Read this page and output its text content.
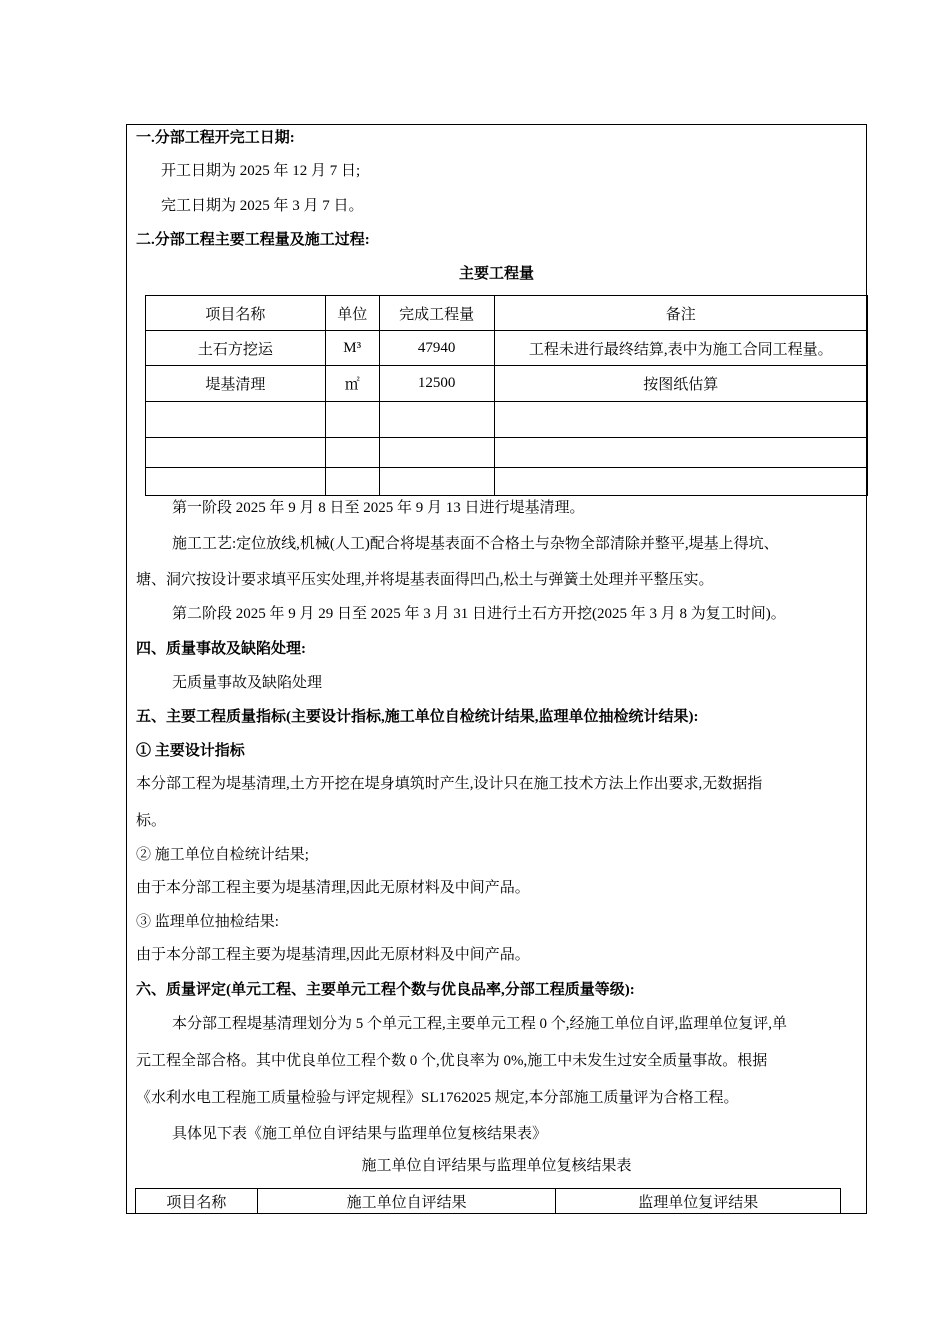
一.分部工程开完工日期:
开工日期为 2025 年 12 月 7 日;
完工日期为 2025 年 3 月 7 日。
二.分部工程主要工程量及施工过程:
主要工程量
项目名称	单位	完成工程量	备注
土石方挖运	M³	47940	工程未进行最终结算,表中为施工合同工程量。
堤基清理	㎡	12500	按图纸估算

第一阶段 2025 年 9 月 8 日至 2025 年 9 月 13 日进行堤基清理。
施工工艺:定位放线,机械(人工)配合将堤基表面不合格土与杂物全部清除并整平,堤基上得坑、
塘、洞穴按设计要求填平压实处理,并将堤基表面得凹凸,松土与弹簧土处理并平整压实。
第二阶段 2025 年 9 月 29 日至 2025 年 3 月 31 日进行土石方开挖(2025 年 3 月 8 为复工时间)。
四、质量事故及缺陷处理:
无质量事故及缺陷处理
五、主要工程质量指标(主要设计指标,施工单位自检统计结果,监理单位抽检统计结果):
① 主要设计指标
本分部工程为堤基清理,土方开挖在堤身填筑时产生,设计只在施工技术方法上作出要求,无数据指
标。
② 施工单位自检统计结果;
由于本分部工程主要为堤基清理,因此无原材料及中间产品。
③ 监理单位抽检结果:
由于本分部工程主要为堤基清理,因此无原材料及中间产品。
六、质量评定(单元工程、主要单元工程个数与优良品率,分部工程质量等级):
本分部工程堤基清理划分为 5 个单元工程,主要单元工程 0 个,经施工单位自评,监理单位复评,单
元工程全部合格。其中优良单位工程个数 0 个,优良率为 0%,施工中未发生过安全质量事故。根据
《水利水电工程施工质量检验与评定规程》SL1762025 规定,本分部施工质量评为合格工程。
具体见下表《施工单位自评结果与监理单位复核结果表》
施工单位自评结果与监理单位复核结果表
项目名称	施工单位自评结果	监理单位复评结果
